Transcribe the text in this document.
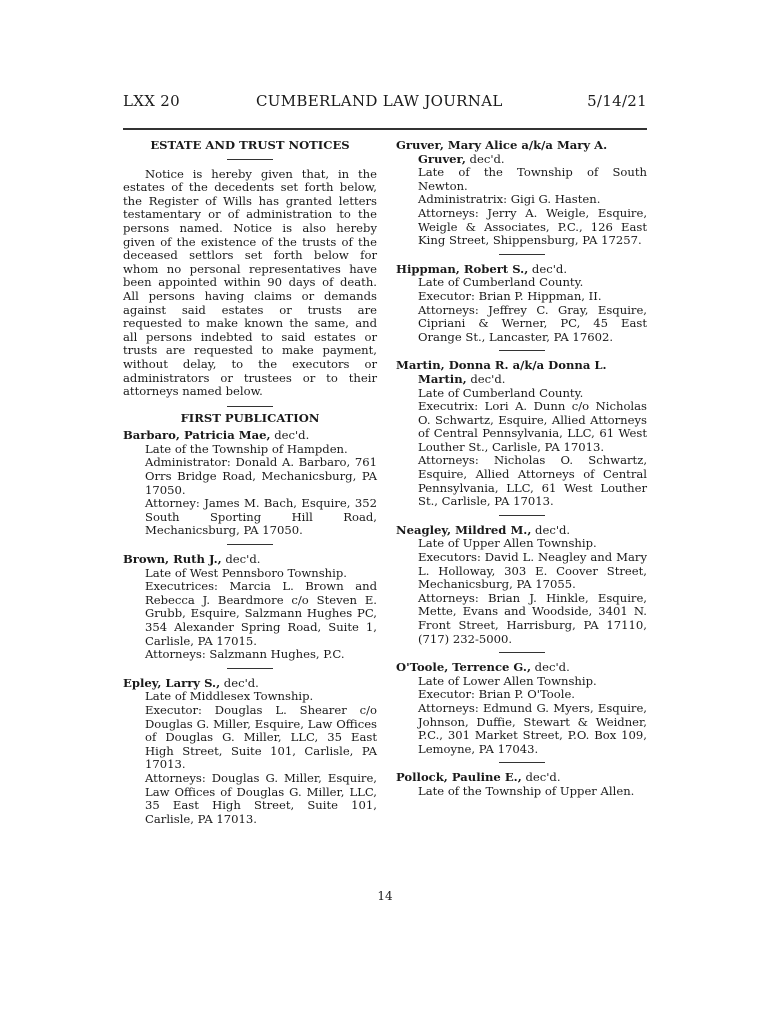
LXX 20	CUMBERLAND LAW JOURNAL	5/14/21

ESTATE AND TRUST NOTICES

Notice is hereby given that, in the estates of the decedents set forth below, the Register of Wills has granted letters testamentary or of administration to the persons named. Notice is also hereby given of the existence of the trusts of the deceased settlors set forth below for whom no personal representatives have been appointed within 90 days of death. All persons having claims or demands against said estates or trusts are requested to make known the same, and all persons indebted to said estates or trusts are requested to make payment, without delay, to the executors or administrators or trustees or to their attorneys named below.

FIRST PUBLICATION

Barbaro, Patricia Mae, dec'd.

Late of the Township of Hampden.

Administrator: Donald A. Barbaro, 761 Orrs Bridge Road, Mechanicsburg, PA 17050.

Attorney: James M. Bach, Esquire, 352 South Sporting Hill Road, Mechanicsburg, PA 17050.

Brown, Ruth J., dec'd.

Late of West Pennsboro Township.

Executrices: Marcia L. Brown and Rebecca J. Beardmore c/o Steven E. Grubb, Esquire, Salzmann Hughes PC, 354 Alexander Spring Road, Suite 1, Carlisle, PA 17015.

Attorneys: Salzmann Hughes, P.C.

Epley, Larry S., dec'd.

Late of Middlesex Township.

Executor: Douglas L. Shearer c/o Douglas G. Miller, Esquire, Law Offices of Douglas G. Miller, LLC, 35 East High Street, Suite 101, Carlisle, PA 17013.

Attorneys: Douglas G. Miller, Esquire, Law Offices of Douglas G. Miller, LLC, 35 East High Street, Suite 101, Carlisle, PA 17013.

Gruver, Mary Alice a/k/a Mary A. Gruver, dec'd.

Late of the Township of South Newton.

Administratrix: Gigi G. Hasten.

Attorneys: Jerry A. Weigle, Esquire, Weigle & Associates, P.C., 126 East King Street, Shippensburg, PA 17257.

Hippman, Robert S., dec'd.

Late of Cumberland County.

Executor: Brian P. Hippman, II.

Attorneys: Jeffrey C. Gray, Esquire, Cipriani & Werner, PC, 45 East Orange St., Lancaster, PA 17602.

Martin, Donna R. a/k/a Donna L. Martin, dec'd.

Late of Cumberland County.

Executrix: Lori A. Dunn c/o Nicholas O. Schwartz, Esquire, Allied Attorneys of Central Pennsylvania, LLC, 61 West Louther St., Carlisle, PA 17013.

Attorneys: Nicholas O. Schwartz, Esquire, Allied Attorneys of Central Pennsylvania, LLC, 61 West Louther St., Carlisle, PA 17013.

Neagley, Mildred M., dec'd.

Late of Upper Allen Township.

Executors: David L. Neagley and Mary L. Holloway, 303 E. Coover Street, Mechanicsburg, PA 17055.

Attorneys: Brian J. Hinkle, Esquire, Mette, Evans and Woodside, 3401 N. Front Street, Harrisburg, PA 17110, (717) 232-5000.

O'Toole, Terrence G., dec'd.

Late of Lower Allen Township.

Executor: Brian P. O'Toole.

Attorneys: Edmund G. Myers, Esquire, Johnson, Duffie, Stewart & Weidner, P.C., 301 Market Street, P.O. Box 109, Lemoyne, PA 17043.

Pollock, Pauline E., dec'd.

Late of the Township of Upper Allen.

14
